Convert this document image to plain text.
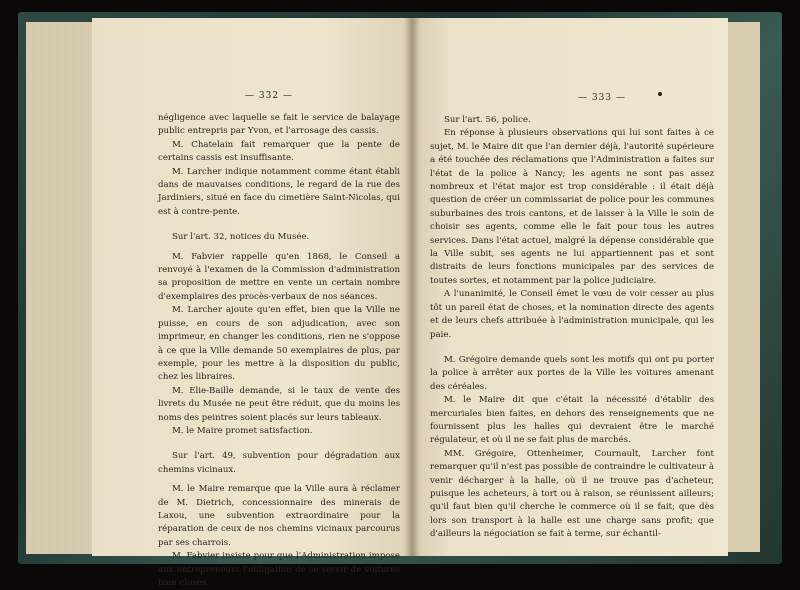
— 332 —

négligence avec laquelle se fait le service de balayage public entrepris par Yvon, et l'arrosage des cassis.

M. Chatelain fait remarquer que la pente de certains cassis est insuffisante.

M. Larcher indique notamment comme étant établi dans de mauvaises conditions, le regard de la rue des Jardiniers, situé en face du cimetière Saint-Nicolas, qui est à contre-pente.

Sur l'art. 32, notices du Musée.

M. Fabvier rappelle qu'en 1868, le Conseil a renvoyé à l'examen de la Commission d'administration sa proposition de mettre en vente un certain nombre d'exemplaires des procès-verbaux de nos séances.

M. Larcher ajoute qu'en effet, bien que la Ville ne puisse, en cours de son adjudication, avec son imprimeur, en changer les conditions, rien ne s'oppose à ce que la Ville demande 50 exemplaires de plus, par exemple, pour les mettre à la disposition du public, chez les libraires.

M. Elie-Baille demande, si le taux de vente des livrets du Musée ne peut être réduit, que du moins les noms des peintres soient placés sur leurs tableaux.

M. le Maire promet satisfaction.

Sur l'art. 49, subvention pour dégradation aux chemins vicinaux.

M. le Maire remarque que la Ville aura à réclamer de M. Dietrich, concessionnaire des minerais de Laxou, une subvention extraordinaire pour la réparation de ceux de nos chemins vicinaux parcourus par ses charrois.

M. Fabvier insiste pour que l'Administration impose aux entrepreneurs l'obligation de se servir de voitures bien closes.

— 333 —

Sur l'art. 56, police.

En réponse à plusieurs observations qui lui sont faites à ce sujet, M. le Maire dit que l'an dernier déjà, l'autorité supérieure a été touchée des réclamations que l'Administration a faites sur l'état de la police à Nancy; les agents ne sont pas assez nombreux et l'état major est trop considérable : il était déjà question de créer un commissariat de police pour les communes suburbaines des trois cantons, et de laisser à la Ville le soin de choisir ses agents, comme elle le fait pour tous les autres services. Dans l'état actuel, malgré la dépense considérable que la Ville subit, ses agents ne lui appartiennent pas et sont distraits de leurs fonctions municipales par des services de toutes sortes, et notamment par la police judiciaire.

A l'unanimité, le Conseil émet le vœu de voir cesser au plus tôt un pareil état de choses, et la nomination directe des agents et de leurs chefs attribuée à l'administration municipale, qui les paie.

M. Grégoire demande quels sont les motifs qui ont pu porter la police à arrêter aux portes de la Ville les voitures amenant des céréales.

M. le Maire dit que c'était la nécessité d'établir des mercuriales bien faites, en dehors des renseignements que ne fournissent plus les halles qui devraient être le marché régulateur, et où il ne se fait plus de marchés.

MM. Grégoire, Ottenheimer, Cournault, Larcher font remarquer qu'il n'est pas possible de contraindre le cultivateur à venir décharger à la halle, où il ne trouve pas d'acheteur, puisque les acheteurs, à tort ou à raison, se réunissent ailleurs; qu'il faut bien qu'il cherche le commerce où il se fait; que dès lors son transport à la halle est une charge sans profit; que d'ailleurs la négociation se fait à terme, sur échantil-
